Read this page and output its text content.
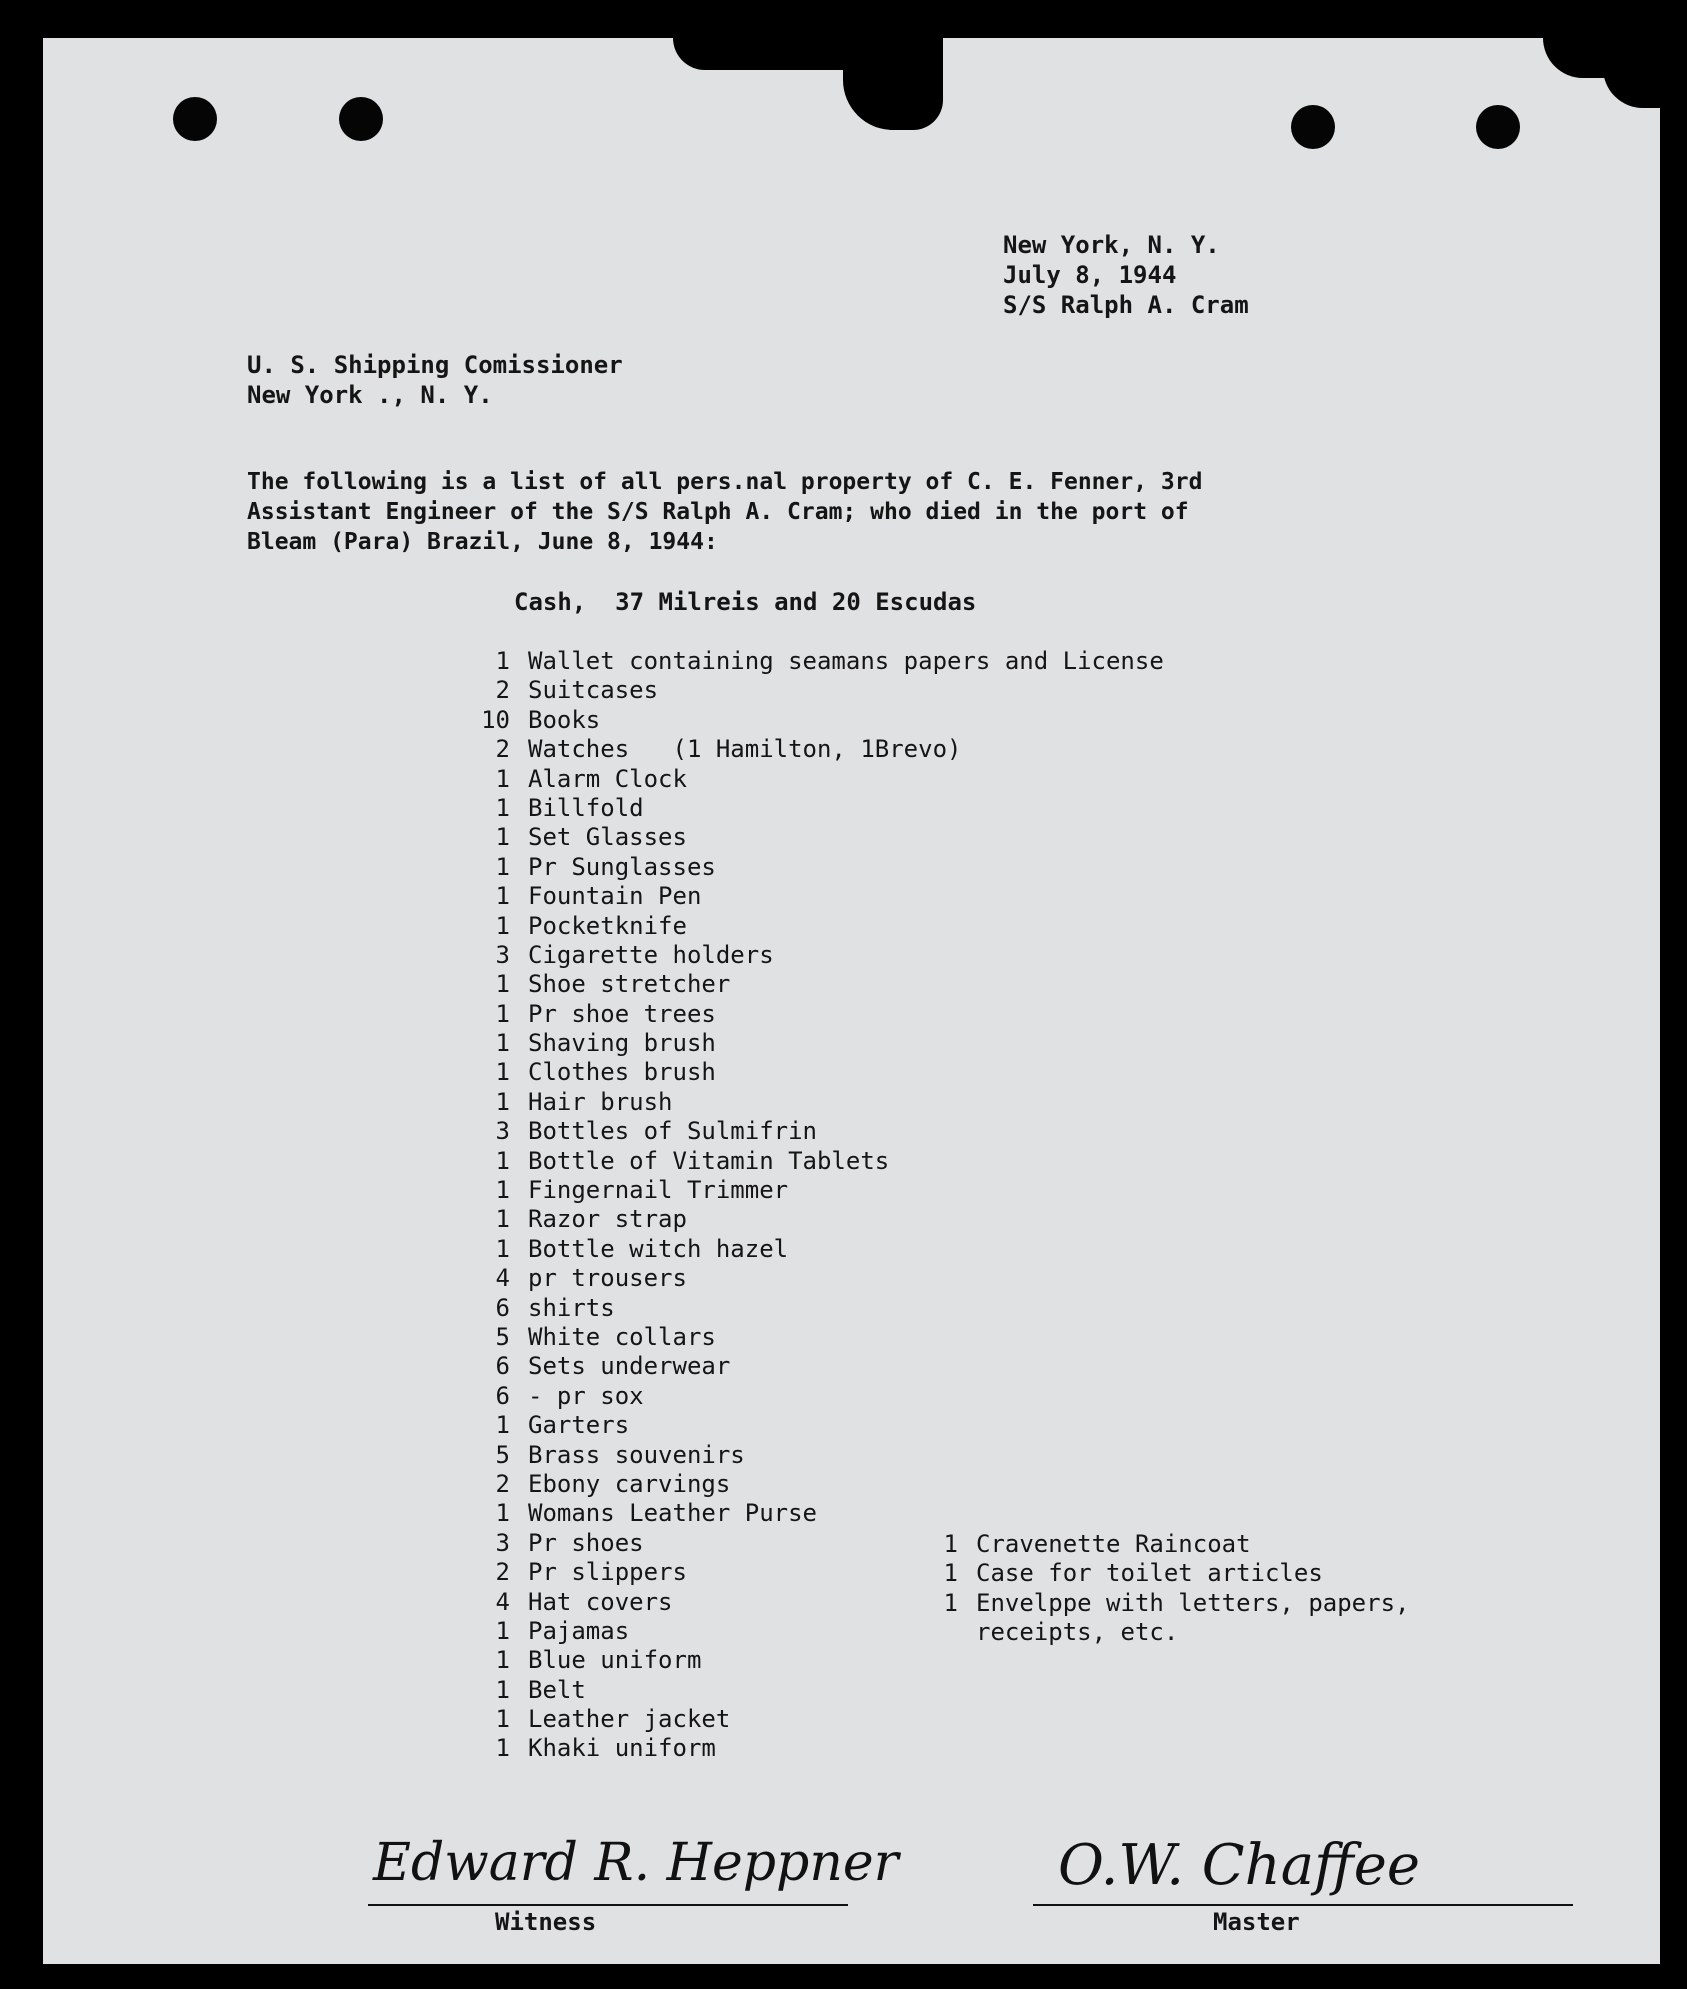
New York, N. Y.
July 8, 1944
S/S Ralph A. Cram
U. S. Shipping Comissioner
New York ., N. Y.
The following is a list of all pers.nal property of C. E. Fenner, 3rd
Assistant Engineer of the S/S Ralph A. Cram; who died in the port of
Bleam (Para) Brazil, June 8, 1944:
Cash,  37 Milreis and 20 Escudas
1 Wallet containing seamans papers and License
2 Suitcases
10 Books
2 Watches   (1 Hamilton, 1Brevo)
1 Alarm Clock
1 Billfold
1 Set Glasses
1 Pr Sunglasses
1 Fountain Pen
1 Pocketknife
3 Cigarette holders
1 Shoe stretcher
1 Pr shoe trees
1 Shaving brush
1 Clothes brush
1 Hair brush
3 Bottles of Sulmifrin
1 Bottle of Vitamin Tablets
1 Fingernail Trimmer
1 Razor strap
1 Bottle witch hazel
4 pr trousers
6 shirts
5 White collars
6 Sets underwear
6 - pr sox
1 Garters
5 Brass souvenirs
2 Ebony carvings
1 Womans Leather Purse
3 Pr shoes
2 Pr slippers
4 Hat covers
1 Pajamas
1 Blue uniform
1 Belt
1 Leather jacket
1 Khaki uniform
1 Cravenette Raincoat
1 Case for toilet articles
1 Envelppe with letters, papers,
receipts, etc.
Edward R. Heppner
Witness
O.W. Chaffee
Master
